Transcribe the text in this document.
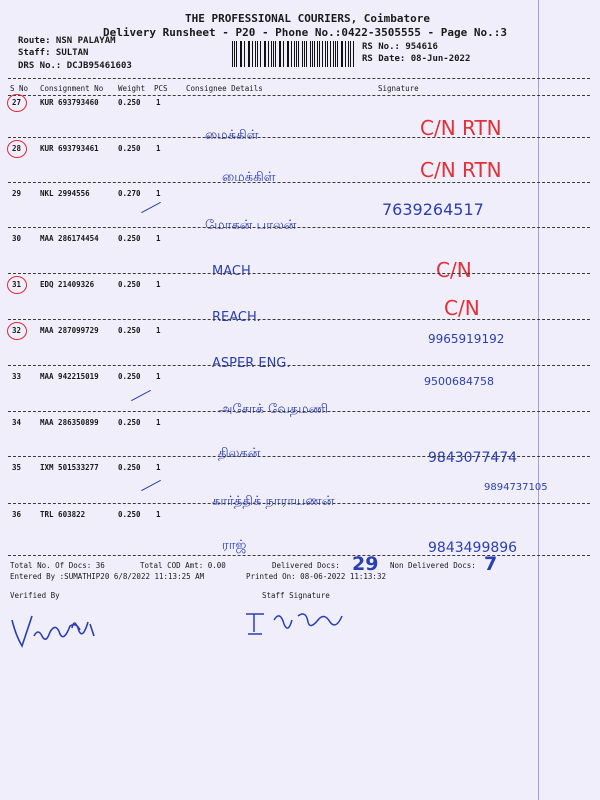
THE PROFESSIONAL COURIERS, Coimbatore
Delivery Runsheet - P20 - Phone No.:0422-3505555 - Page No.:3
Route: NSN PALAYAM
Staff: SULTAN
DRS No.: DCJB95461603
RS No.: 954616
RS Date: 08-Jun-2022
S No Consignment No Weight PCS Consignee Details	Signature
27	KUR 693793460	0.250 1
மைக்கிள்	C/N RTN
28	KUR 693793461	0.250 1
மைக்கிள்	C/N RTN
29	NKL 2994556	0.270 1
மோகன் பாலன்
7639264517
30	MAA 286174454	0.250 1
MACH	C/N
31	EDQ 21409326	0.250 1
REACH.	C/N
32	MAA 287099729	0.250 1
ASPER ENG.
9965919192
33	MAA 942215019	0.250 1
அசோக் வேதமணி
9500684758
34	MAA 286350899	0.250 1
திலகன்	9843077474
35	IXM 501533277	0.250 1
கார்த்திக் நாராயணன்
9894737105
36	TRL 603822	0.250 1
ராஜ்	9843499896
Total No. Of Docs: 36	Total COD Amt: 0.00	Delivered Docs: 29 Non Delivered Docs: 7
Entered By :SUMATHIP20 6/8/2022 11:13:25 AM	Printed On: 08-06-2022 11:13:32
Verified By	Staff Signature
